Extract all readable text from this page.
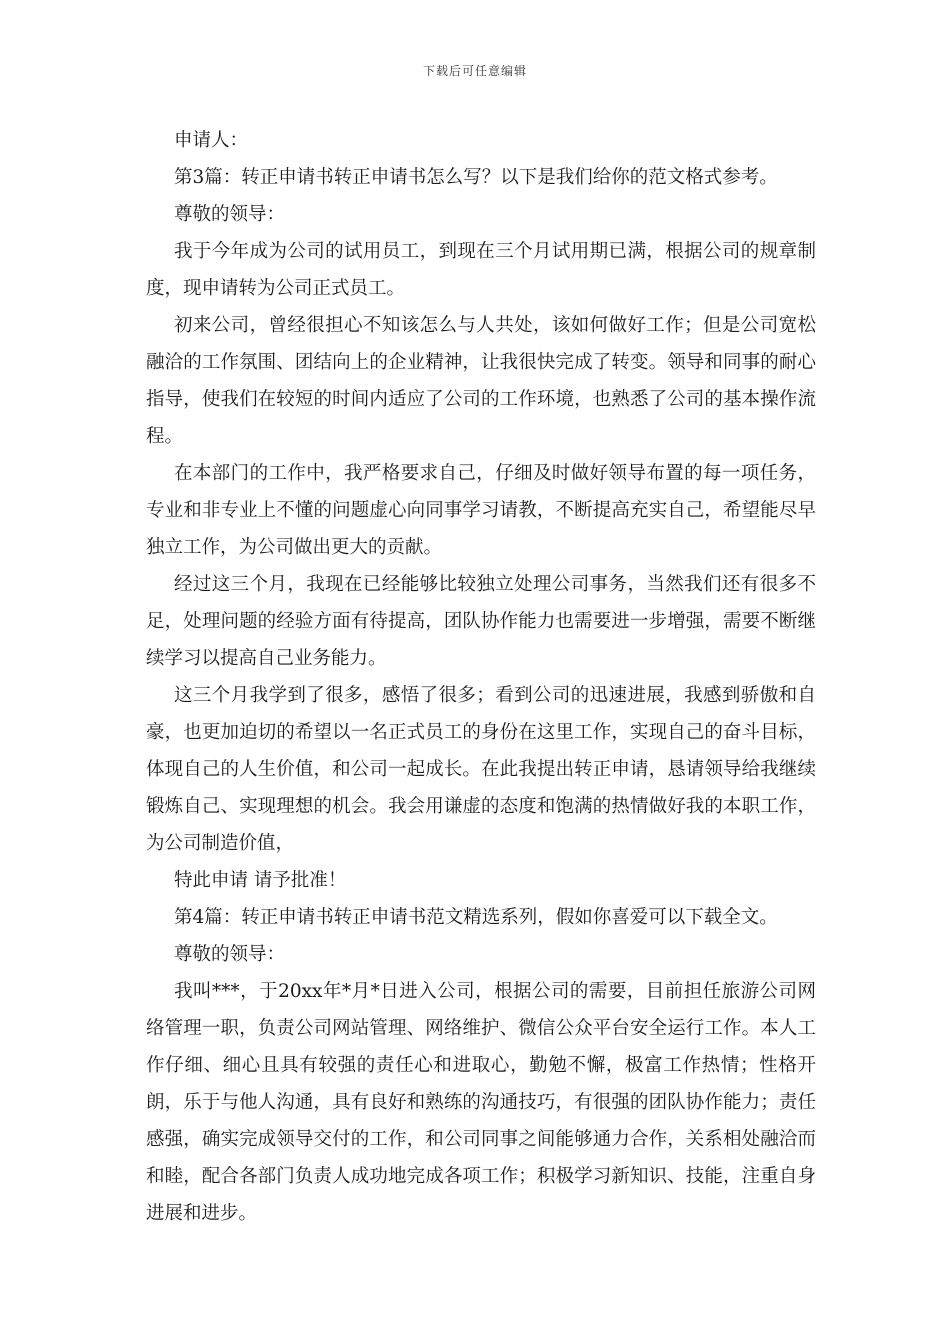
下载后可任意编辑

申请人：

第3篇：转正申请书转正申请书怎么写？以下是我们给你的范文格式参考。

尊敬的领导：

我于今年成为公司的试用员工，到现在三个月试用期已满，根据公司的规章制度，现申请转为公司正式员工。

初来公司，曾经很担心不知该怎么与人共处，该如何做好工作；但是公司宽松融洽的工作氛围、团结向上的企业精神，让我很快完成了转变。领导和同事的耐心指导，使我们在较短的时间内适应了公司的工作环境，也熟悉了公司的基本操作流程。

在本部门的工作中，我严格要求自己，仔细及时做好领导布置的每一项任务，专业和非专业上不懂的问题虚心向同事学习请教，不断提高充实自己，希望能尽早独立工作，为公司做出更大的贡献。

经过这三个月，我现在已经能够比较独立处理公司事务，当然我们还有很多不足，处理问题的经验方面有待提高，团队协作能力也需要进一步增强，需要不断继续学习以提高自己业务能力。

这三个月我学到了很多，感悟了很多；看到公司的迅速进展，我感到骄傲和自豪，也更加迫切的希望以一名正式员工的身份在这里工作，实现自己的奋斗目标，体现自己的人生价值，和公司一起成长。在此我提出转正申请，恳请领导给我继续锻炼自己、实现理想的机会。我会用谦虚的态度和饱满的热情做好我的本职工作，为公司制造价值，

特此申请 请予批准！

第4篇：转正申请书转正申请书范文精选系列，假如你喜爱可以下载全文。

尊敬的领导：

我叫***，于20xx年*月*日进入公司，根据公司的需要，目前担任旅游公司网络管理一职，负责公司网站管理、网络维护、微信公众平台安全运行工作。本人工作仔细、细心且具有较强的责任心和进取心，勤勉不懈，极富工作热情；性格开朗，乐于与他人沟通，具有良好和熟练的沟通技巧，有很强的团队协作能力；责任感强，确实完成领导交付的工作，和公司同事之间能够通力合作，关系相处融洽而和睦，配合各部门负责人成功地完成各项工作；积极学习新知识、技能，注重自身进展和进步。
